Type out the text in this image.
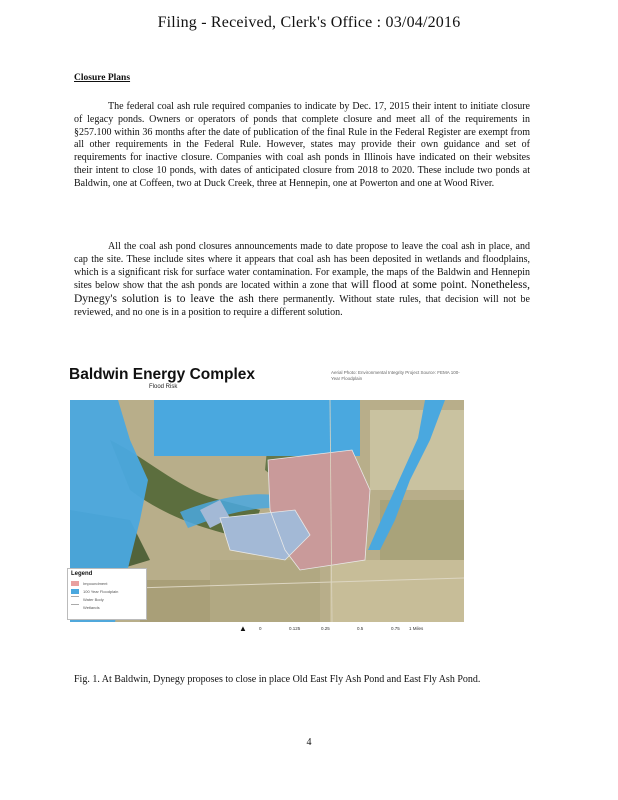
Filing - Received, Clerk's Office : 03/04/2016
Closure Plans
The federal coal ash rule required companies to indicate by Dec. 17, 2015 their intent to initiate closure of legacy ponds. Owners or operators of ponds that complete closure and meet all of the requirements in §257.100 within 36 months after the date of publication of the final Rule in the Federal Register are exempt from all other requirements in the Federal Rule. However, states may provide their own guidance and set of requirements for inactive closure. Companies with coal ash ponds in Illinois have indicated on their websites their intent to close 10 ponds, with dates of anticipated closure from 2018 to 2020. These include two ponds at Baldwin, one at Coffeen, two at Duck Creek, three at Hennepin, one at Powerton and one at Wood River.
All the coal ash pond closures announcements made to date propose to leave the coal ash in place, and cap the site. These include sites where it appears that coal ash has been deposited in wetlands and floodplains, which is a significant risk for surface water contamination. For example, the maps of the Baldwin and Hennepin sites below show that the ash ponds are located within a zone that will flood at some point. Nonetheless, Dynegy's solution is to leave the ash there permanently. Without state rules, that decision will not be reviewed, and no one is in a position to require a different solution.
Baldwin Energy Complex
Flood Risk
Aerial Photo: Environmental Integrity Project Source: FEMA 100-Year Floodplain
Legend
Impoundment
100 Year Floodplain
Water Body
Wetlands
▲	0	0.125	0.25	0.5	0.75 1 Miles
Fig. 1. At Baldwin, Dynegy proposes to close in place Old East Fly Ash Pond and East Fly Ash Pond.
4
